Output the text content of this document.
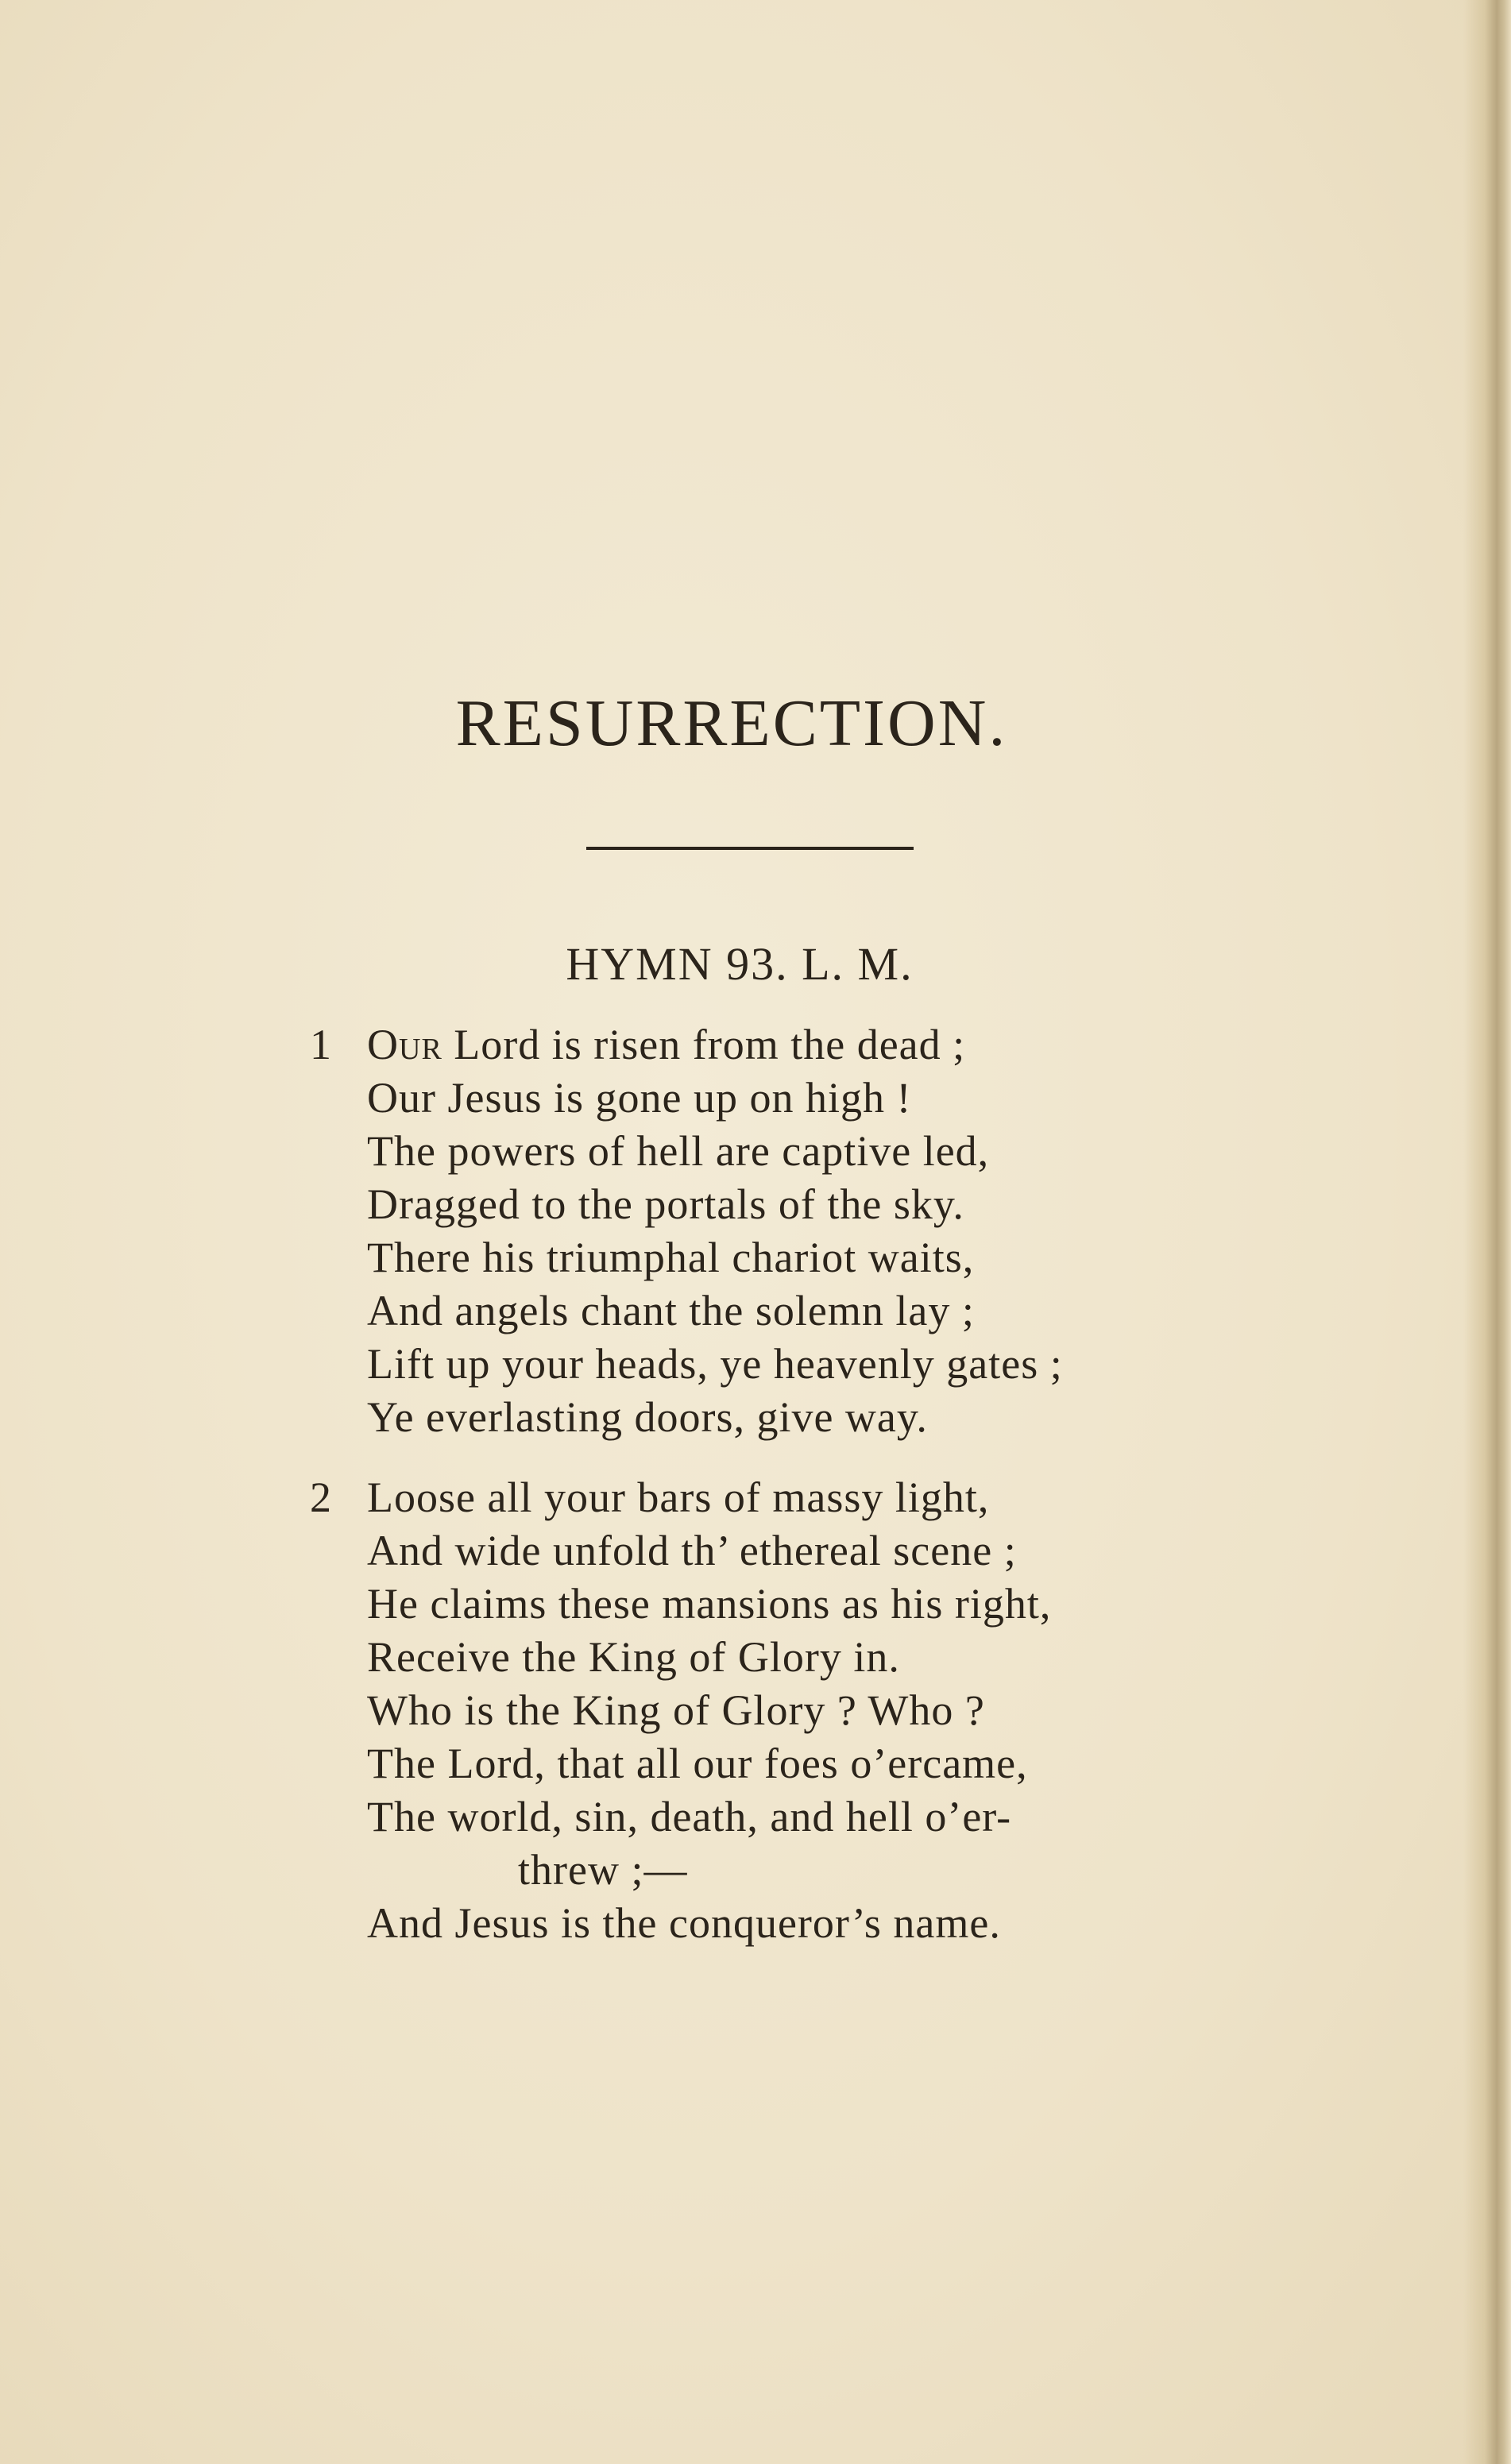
RESURRECTION.
HYMN 93. L. M.
1 Our Lord is risen from the dead ;
Our Jesus is gone up on high !
The powers of hell are captive led,
Dragged to the portals of the sky.
There his triumphal chariot waits,
And angels chant the solemn lay ;
Lift up your heads, ye heavenly gates ;
Ye everlasting doors, give way.
2 Loose all your bars of massy light,
And wide unfold th’ ethereal scene ;
He claims these mansions as his right,
Receive the King of Glory in.
Who is the King of Glory ? Who ?
The Lord, that all our foes o’ercame,
The world, sin, death, and hell o’er-
threw ;—
And Jesus is the conqueror’s name.
